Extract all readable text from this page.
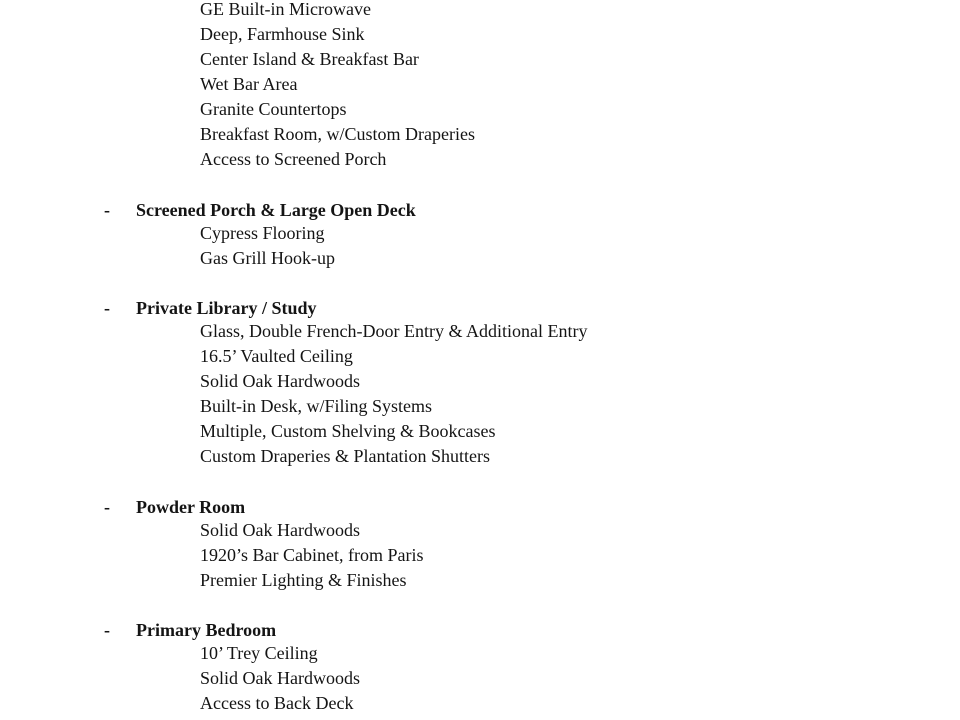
GE Built-in Microwave
Deep, Farmhouse Sink
Center Island & Breakfast Bar
Wet Bar Area
Granite Countertops
Breakfast Room, w/Custom Draperies
Access to Screened Porch
- Screened Porch & Large Open Deck
Cypress Flooring
Gas Grill Hook-up
- Private Library / Study
Glass, Double French-Door Entry & Additional Entry
16.5’ Vaulted Ceiling
Solid Oak Hardwoods
Built-in Desk, w/Filing Systems
Multiple, Custom Shelving & Bookcases
Custom Draperies & Plantation Shutters
- Powder Room
Solid Oak Hardwoods
1920’s Bar Cabinet, from Paris
Premier Lighting & Finishes
- Primary Bedroom
10’ Trey Ceiling
Solid Oak Hardwoods
Access to Back Deck
